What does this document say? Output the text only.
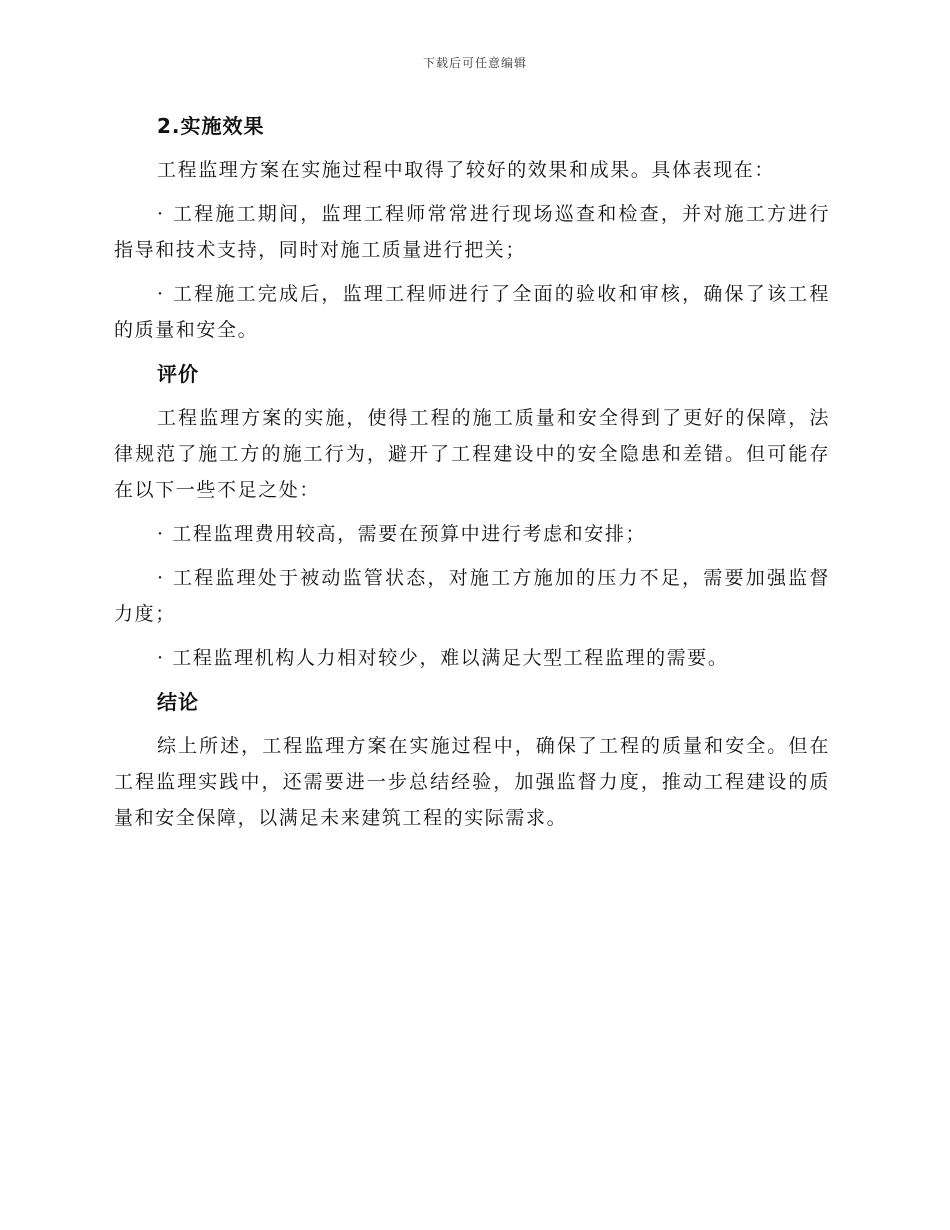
下载后可任意编辑
2.实施效果

工程监理方案在实施过程中取得了较好的效果和成果。具体表现在：

· 工程施工期间，监理工程师常常进行现场巡查和检查，并对施工方进行指导和技术支持，同时对施工质量进行把关；

· 工程施工完成后，监理工程师进行了全面的验收和审核，确保了该工程的质量和安全。

评价

工程监理方案的实施，使得工程的施工质量和安全得到了更好的保障，法律规范了施工方的施工行为，避开了工程建设中的安全隐患和差错。但可能存在以下一些不足之处：

· 工程监理费用较高，需要在预算中进行考虑和安排；

· 工程监理处于被动监管状态，对施工方施加的压力不足，需要加强监督力度；

· 工程监理机构人力相对较少，难以满足大型工程监理的需要。

结论

综上所述，工程监理方案在实施过程中，确保了工程的质量和安全。但在工程监理实践中，还需要进一步总结经验，加强监督力度，推动工程建设的质量和安全保障，以满足未来建筑工程的实际需求。
